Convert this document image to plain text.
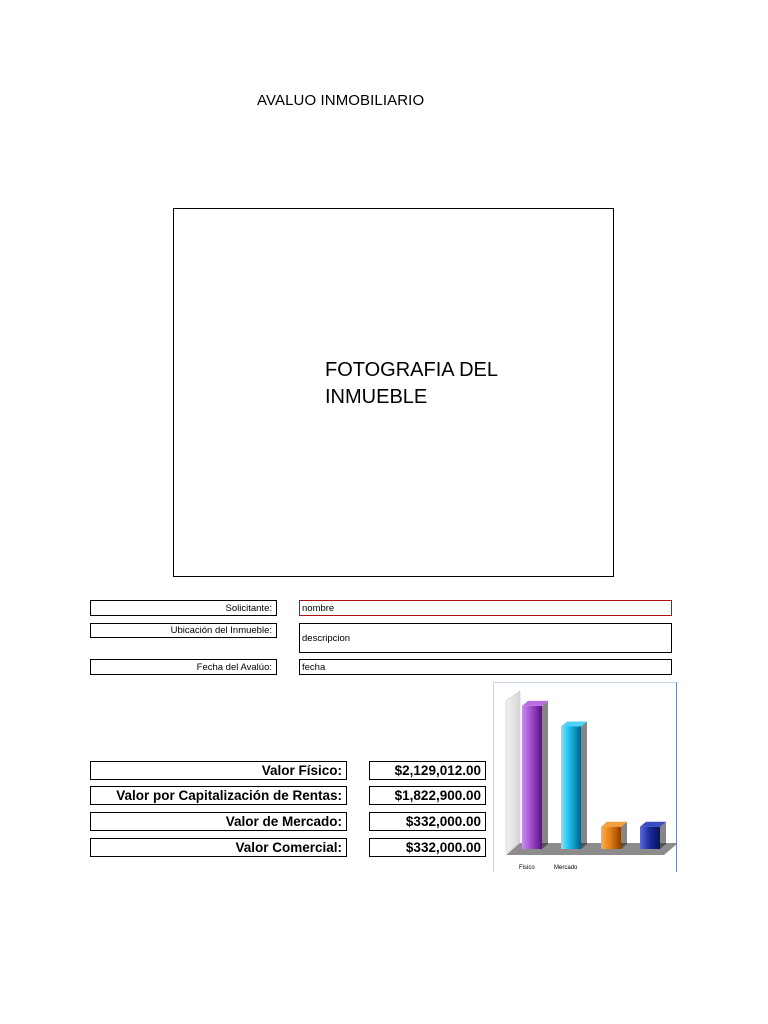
AVALUO INMOBILIARIO
FOTOGRAFIA DEL
INMUEBLE
Solicitante:	nombre
Ubicación del Inmueble:
descripcion
Fecha del Avalúo:	fecha
Valor Físico:	$2,129,012.00
Valor por Capitalización de Rentas:	$1,822,900.00
Valor de Mercado:	$332,000.00
Valor Comercial:	$332,000.00
Fisico	Mercado
